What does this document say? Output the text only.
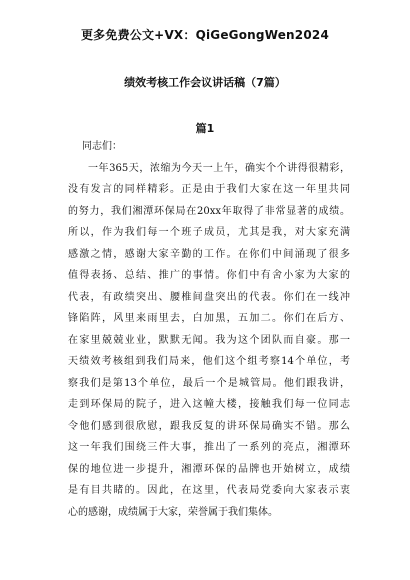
更多免费公文+VX：QiGeGongWen2024
绩效考核工作会议讲话稿（7篇）
篇1

同志们：

一年365天，浓缩为今天一上午，确实个个讲得很精彩，

没有发言的同样精彩。正是由于我们大家在这一年里共同

的努力，我们湘潭环保局在20xx年取得了非常显著的成绩。

所以，作为我们每一个班子成员，尤其是我，对大家充满

感激之情，感谢大家辛勤的工作。在你们中间涌现了很多

值得表扬、总结、推广的事情。你们中有舍小家为大家的

代表，有政绩突出、腰椎间盘突出的代表。你们在一线冲

锋陷阵，风里来雨里去，白加黑，五加二。你们在后方、

在家里兢兢业业，默默无闻。我为这个团队而自豪。那一

天绩效考核组到我们局来，他们这个组考察14个单位，考

察我们是第13个单位，最后一个是城管局。他们跟我讲，

走到环保局的院子，进入这幢大楼，接触我们每一位同志

令他们感到很欣慰，跟我反复的讲环保局确实不错。那么

这一年我们围绕三件大事，推出了一系列的亮点，湘潭环

保的地位进一步提升，湘潭环保的品牌也开始树立，成绩

是有目共睹的。因此，在这里，代表局党委向大家表示衷

心的感谢，成绩属于大家，荣誉属于我们集体。
